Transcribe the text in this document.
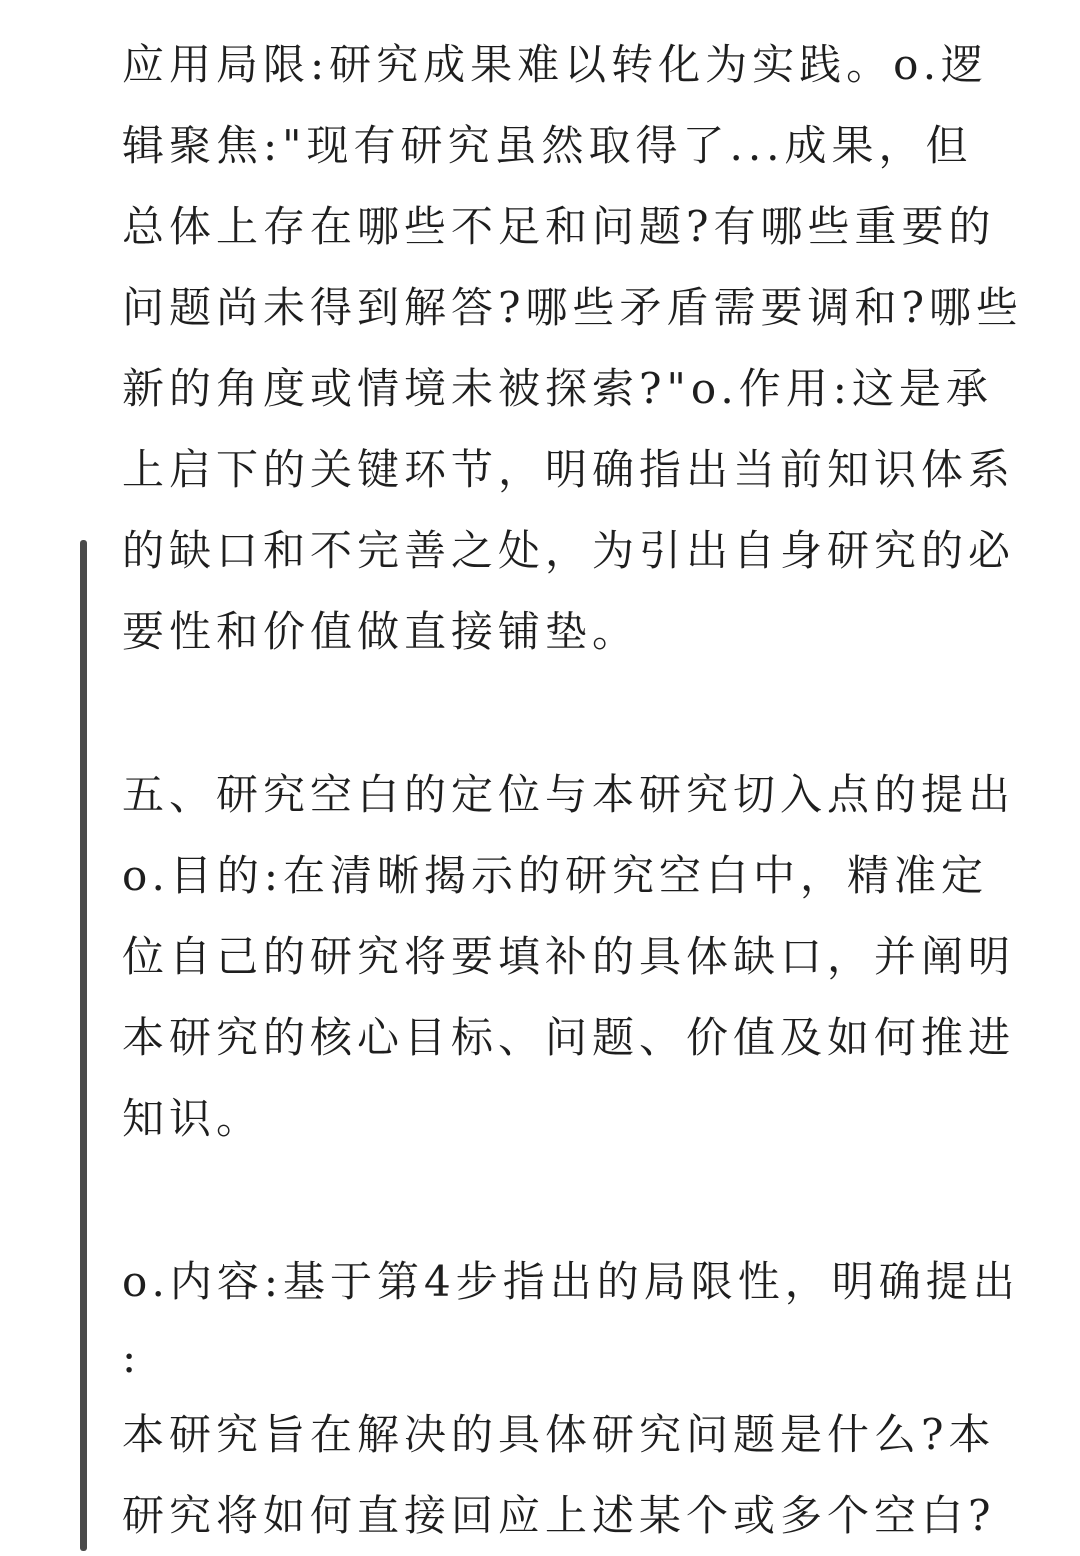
应用局限:研究成果难以转化为实践。o.逻
辑聚焦:"现有研究虽然取得了...成果，但
总体上存在哪些不足和问题?有哪些重要的
问题尚未得到解答?哪些矛盾需要调和?哪些
新的角度或情境未被探索?"o.作用:这是承
上启下的关键环节，明确指出当前知识体系
的缺口和不完善之处，为引出自身研究的必
要性和价值做直接铺垫。
五、研究空白的定位与本研究切入点的提出
o.目的:在清晰揭示的研究空白中，精准定
位自己的研究将要填补的具体缺口，并阐明
本研究的核心目标、问题、价值及如何推进
知识。
o.内容:基于第4步指出的局限性，明确提出
:
本研究旨在解决的具体研究问题是什么?本
研究将如何直接回应上述某个或多个空白?
